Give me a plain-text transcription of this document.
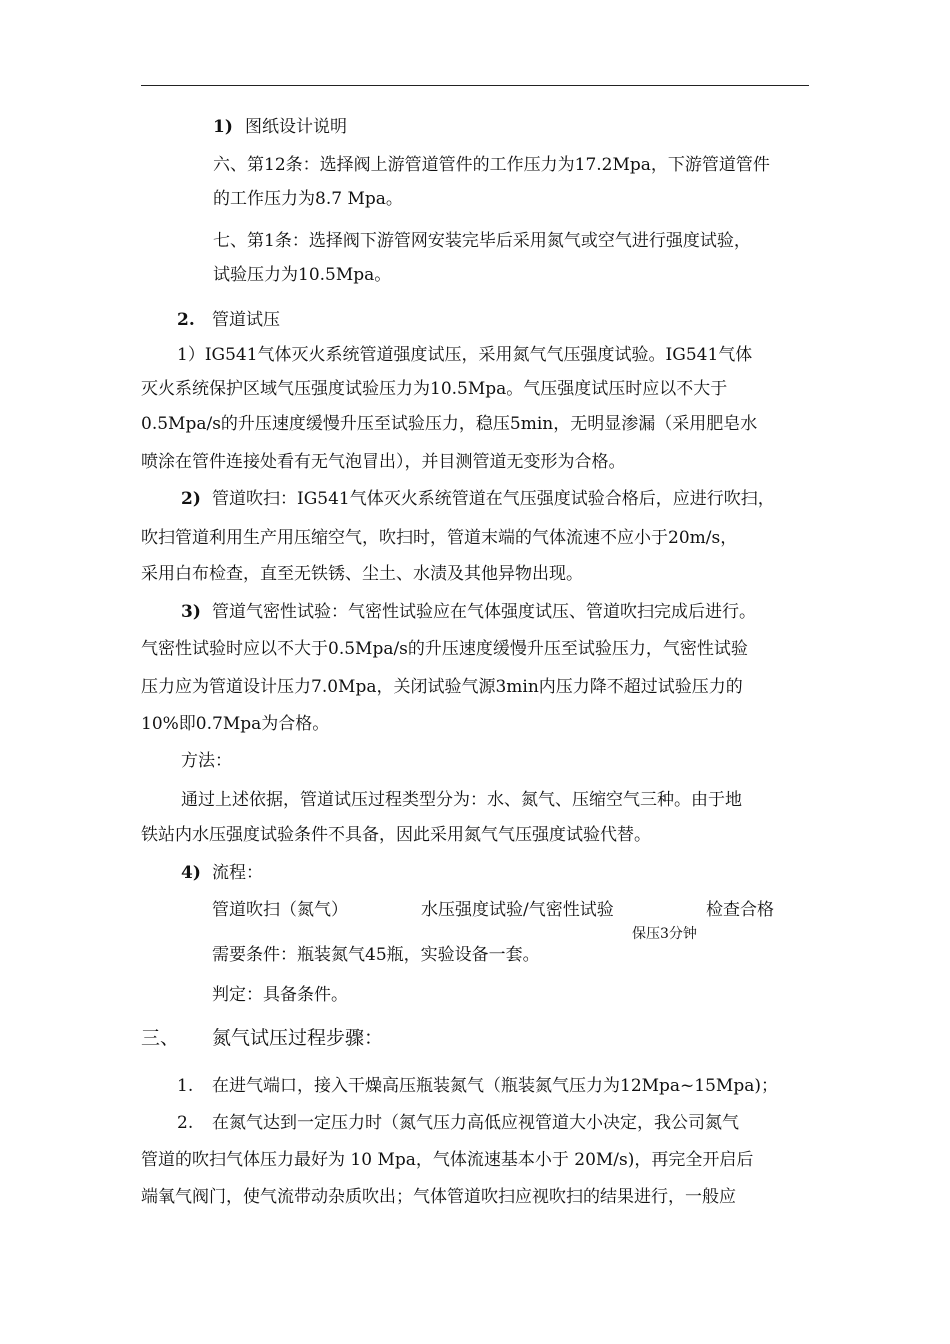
1) 图纸设计说明
六、第12条：选择阀上游管道管件的工作压力为17.2Mpa，下游管道管件
的工作压力为8.7 Mpa。
七、第1条：选择阀下游管网安装完毕后采用氮气或空气进行强度试验，
试验压力为10.5Mpa。
2. 管道试压
1）IG541气体灭火系统管道强度试压，采用氮气气压强度试验。IG541气体
灭火系统保护区域气压强度试验压力为10.5Mpa。气压强度试压时应以不大于
0.5Mpa/s的升压速度缓慢升压至试验压力，稳压5min，无明显渗漏（采用肥皂水
喷涂在管件连接处看有无气泡冒出），并目测管道无变形为合格。
2) 管道吹扫：IG541气体灭火系统管道在气压强度试验合格后，应进行吹扫，
吹扫管道利用生产用压缩空气，吹扫时，管道末端的气体流速不应小于20m/s，
采用白布检查，直至无铁锈、尘土、水渍及其他异物出现。
3) 管道气密性试验：气密性试验应在气体强度试压、管道吹扫完成后进行。
气密性试验时应以不大于0.5Mpa/s的升压速度缓慢升压至试验压力，气密性试验
压力应为管道设计压力7.0Mpa，关闭试验气源3min内压力降不超过试验压力的
10%即0.7Mpa为合格。
方法：
通过上述依据，管道试压过程类型分为：水、氮气、压缩空气三种。由于地
铁站内水压强度试验条件不具备，因此采用氮气气压强度试验代替。
4) 流程：
管道吹扫（氮气）	水压强度试验/气密性试验	检查合格
保压3分钟
需要条件：瓶装氮气45瓶，实验设备一套。
判定：具备条件。
三、 氮气试压过程步骤：
1. 在进气端口，接入干燥高压瓶装氮气（瓶装氮气压力为12Mpa~15Mpa)；
2. 在氮气达到一定压力时（氮气压力高低应视管道大小决定，我公司氮气
管道的吹扫气体压力最好为 10 Mpa，气体流速基本小于 20M/s)，再完全开启后
端氧气阀门，使气流带动杂质吹出；气体管道吹扫应视吹扫的结果进行，一般应
